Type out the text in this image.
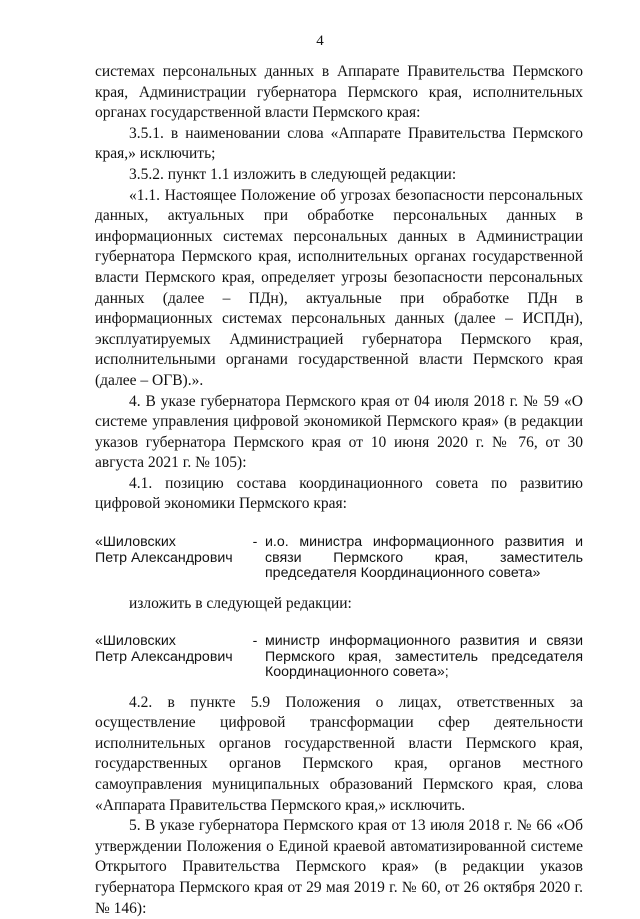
4

системах персональных данных в Аппарате Правительства Пермского края, Администрации губернатора Пермского края, исполнительных органах государственной власти Пермского края:

3.5.1. в наименовании слова «Аппарате Правительства Пермского края,» исключить;

3.5.2. пункт 1.1 изложить в следующей редакции:

«1.1. Настоящее Положение об угрозах безопасности персональных данных, актуальных при обработке персональных данных в информационных системах персональных данных в Администрации губернатора Пермского края, исполнительных органах государственной власти Пермского края, определяет угрозы безопасности персональных данных (далее – ПДн), актуальные при обработке ПДн в информационных системах персональных данных (далее – ИСПДн), эксплуатируемых Администрацией губернатора Пермского края, исполнительными органами государственной власти Пермского края (далее – ОГВ).».

4. В указе губернатора Пермского края от 04 июля 2018 г. № 59 «О системе управления цифровой экономикой Пермского края» (в редакции указов губернатора Пермского края от 10 июня 2020 г. № 76, от 30 августа 2021 г. № 105):

4.1. позицию состава координационного совета по развитию цифровой экономики Пермского края:

«Шиловских
Петр Александрович
- и.о. министра информационного развития и связи Пермского края, заместитель председателя Координационного совета»

изложить в следующей редакции:

«Шиловских
Петр Александрович
- министр информационного развития и связи Пермского края, заместитель председателя Координационного совета»;

4.2. в пункте 5.9 Положения о лицах, ответственных за осуществление цифровой трансформации сфер деятельности исполнительных органов государственной власти Пермского края, государственных органов Пермского края, органов местного самоуправления муниципальных образований Пермского края, слова «Аппарата Правительства Пермского края,» исключить.

5. В указе губернатора Пермского края от 13 июля 2018 г. № 66 «Об утверждении Положения о Единой краевой автоматизированной системе Открытого Правительства Пермского края» (в редакции указов губернатора Пермского края от 29 мая 2019 г. № 60, от 26 октября 2020 г. № 146):
